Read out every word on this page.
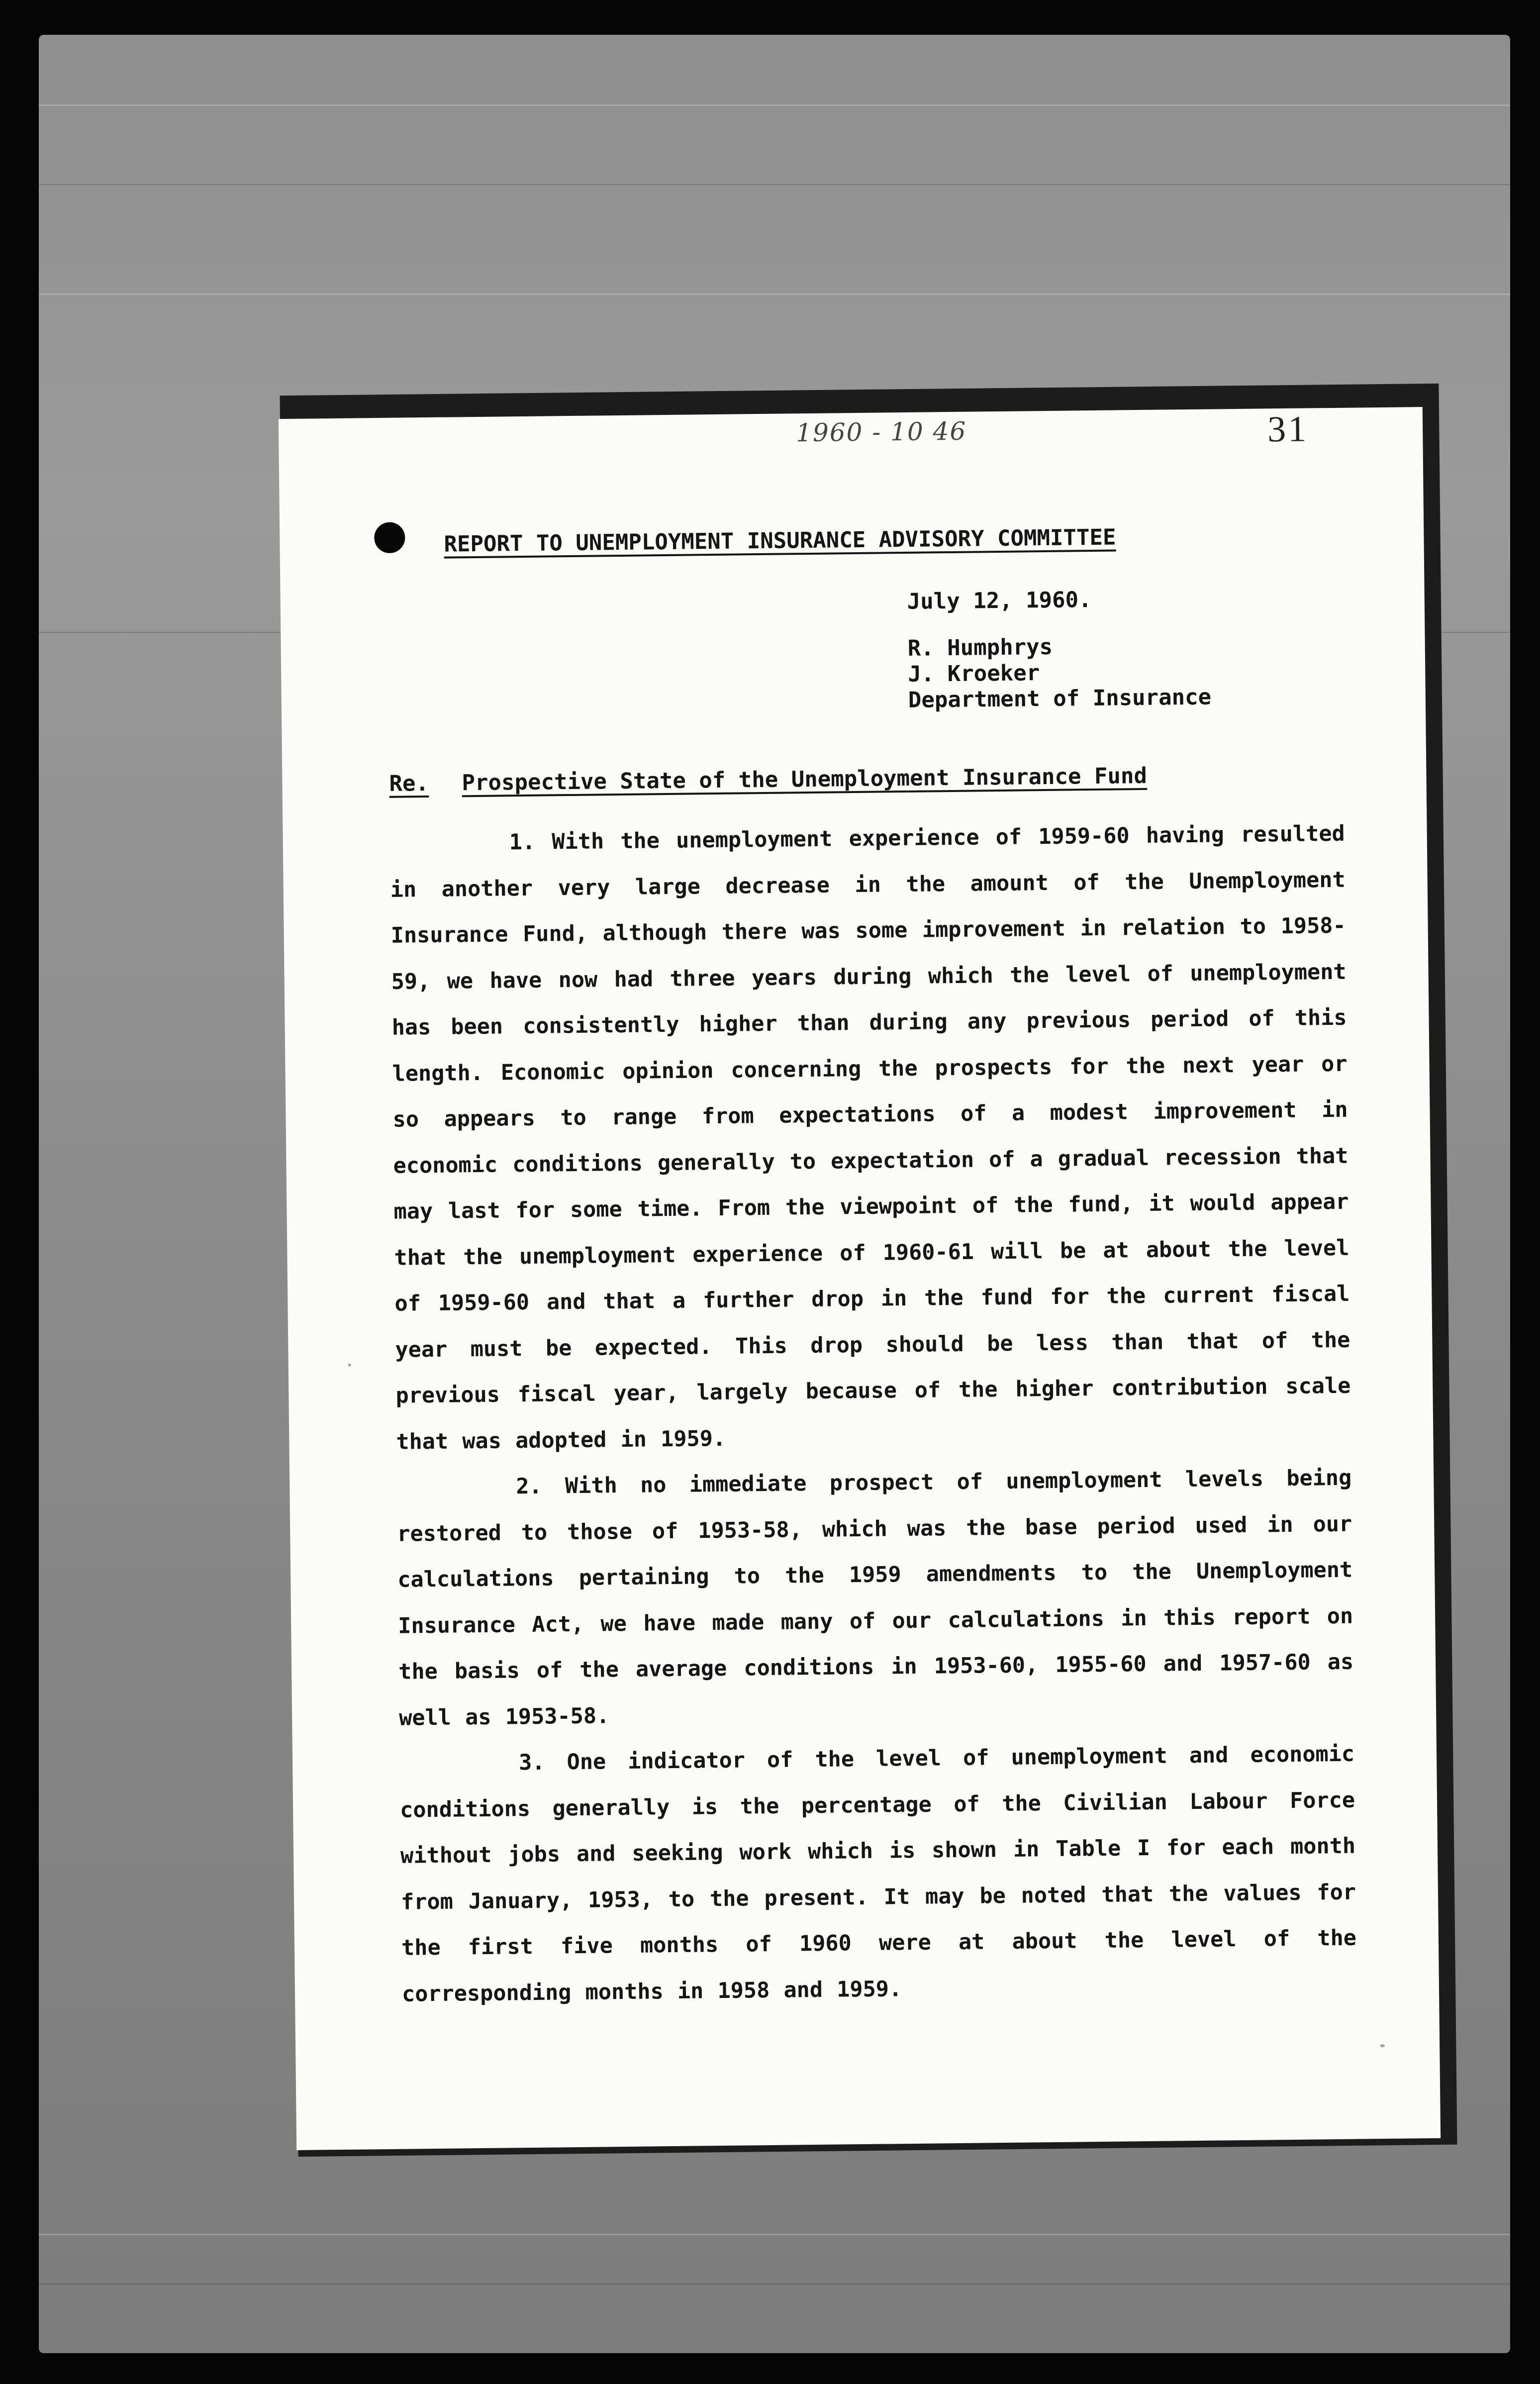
1960 - 10 46	31
REPORT TO UNEMPLOYMENT INSURANCE ADVISORY COMMITTEE
July 12, 1960.
R. Humphrys
J. Kroeker
Department of Insurance
Re. Prospective State of the Unemployment Insurance Fund

1. With the unemployment experience of 1959-60 having resulted in another very large decrease in the amount of the Unemployment Insurance Fund, although there was some improvement in relation to 1958-59, we have now had three years during which the level of unemployment has been consistently higher than during any previous period of this length. Economic opinion concerning the prospects for the next year or so appears to range from expectations of a modest improvement in economic conditions generally to expectation of a gradual recession that may last for some time. From the viewpoint of the fund, it would appear that the unemployment experience of 1960-61 will be at about the level of 1959-60 and that a further drop in the fund for the current fiscal year must be expected. This drop should be less than that of the previous fiscal year, largely because of the higher contribution scale that was adopted in 1959.

2. With no immediate prospect of unemployment levels being restored to those of 1953-58, which was the base period used in our calculations pertaining to the 1959 amendments to the Unemployment Insurance Act, we have made many of our calculations in this report on the basis of the average conditions in 1953-60, 1955-60 and 1957-60 as well as 1953-58.

3. One indicator of the level of unemployment and economic conditions generally is the percentage of the Civilian Labour Force without jobs and seeking work which is shown in Table I for each month from January, 1953, to the present. It may be noted that the values for the first five months of 1960 were at about the level of the corresponding months in 1958 and 1959.
